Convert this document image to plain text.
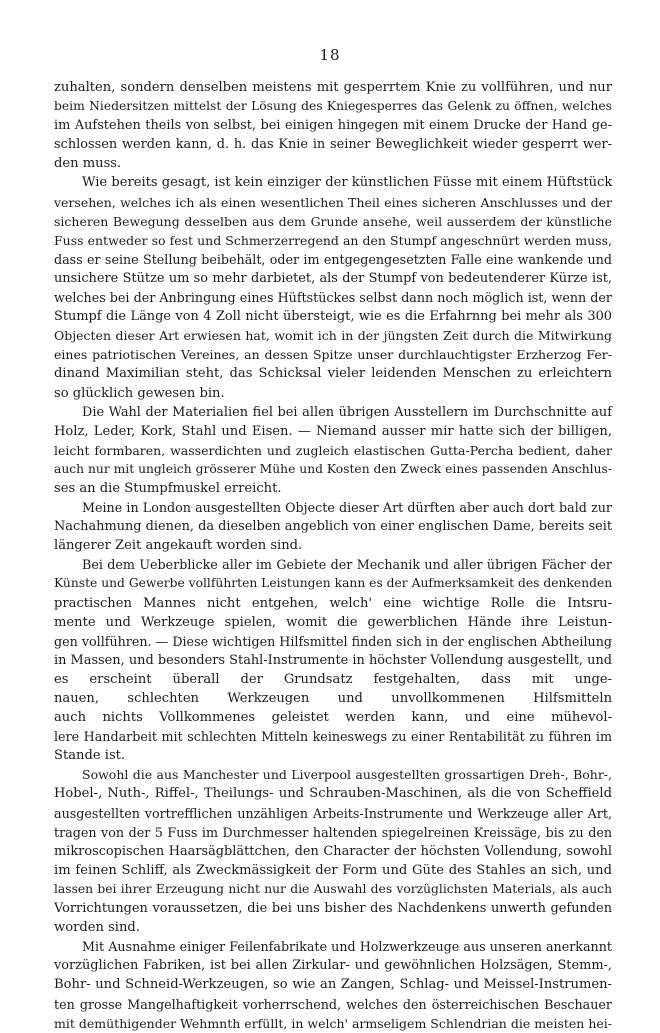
18
zuhalten, sondern denselben meistens mit gesperrtem Knie zu vollführen, und nur
beim Niedersitzen mittelst der Lösung des Kniegesperres das Gelenk zu öffnen, welches
im Aufstehen theils von selbst, bei einigen hingegen mit einem Drucke der Hand ge-
schlossen werden kann, d. h. das Knie in seiner Beweglichkeit wieder gesperrt wer-
den muss.
Wie bereits gesagt, ist kein einziger der künstlichen Füsse mit einem Hüftstück
versehen, welches ich als einen wesentlichen Theil eines sicheren Anschlusses und der
sicheren Bewegung desselben aus dem Grunde ansehe, weil ausserdem der künstliche
Fuss entweder so fest und Schmerzerregend an den Stumpf angeschnürt werden muss,
dass er seine Stellung beibehält, oder im entgegengesetzten Falle eine wankende und
unsichere Stütze um so mehr darbietet, als der Stumpf von bedeutenderer Kürze ist,
welches bei der Anbringung eines Hüftstückes selbst dann noch möglich ist, wenn der
Stumpf die Länge von 4 Zoll nicht übersteigt, wie es die Erfahrnng bei mehr als 300
Objecten dieser Art erwiesen hat, womit ich in der jüngsten Zeit durch die Mitwirkung
eines patriotischen Vereines, an dessen Spitze unser durchlauchtigster Erzherzog Fer-
dinand Maximilian steht, das Schicksal vieler leidenden Menschen zu erleichtern
so glücklich gewesen bin.
Die Wahl der Materialien fiel bei allen übrigen Ausstellern im Durchschnitte auf
Holz, Leder, Kork, Stahl und Eisen. — Niemand ausser mir hatte sich der billigen,
leicht formbaren, wasserdichten und zugleich elastischen Gutta-Percha bedient, daher
auch nur mit ungleich grösserer Mühe und Kosten den Zweck eines passenden Anschlus-
ses an die Stumpfmuskel erreicht.
Meine in London ausgestellten Objecte dieser Art dürften aber auch dort bald zur
Nachahmung dienen, da dieselben angeblich von einer englischen Dame, bereits seit
längerer Zeit angekauft worden sind.
Bei dem Ueberblicke aller im Gebiete der Mechanik und aller übrigen Fächer der
Künste und Gewerbe vollführten Leistungen kann es der Aufmerksamkeit des denkenden
practischen Mannes nicht entgehen, welch' eine wichtige Rolle die Intsru-
mente und Werkzeuge spielen, womit die gewerblichen Hände ihre Leistun-
gen vollführen. — Diese wichtigen Hilfsmittel finden sich in der englischen Abtheilung
in Massen, und besonders Stahl-Instrumente in höchster Vollendung ausgestellt, und
es erscheint überall der Grundsatz festgehalten, dass mit unge-
nauen, schlechten Werkzeugen und unvollkommenen Hilfsmitteln
auch nichts Vollkommenes geleistet werden kann, und eine mühevol-
lere Handarbeit mit schlechten Mitteln keineswegs zu einer Rentabilität zu führen im
Stande ist.
Sowohl die aus Manchester und Liverpool ausgestellten grossartigen Dreh-, Bohr-,
Hobel-, Nuth-, Riffel-, Theilungs- und Schrauben-Maschinen, als die von Scheffield
ausgestellten vortrefflichen unzähligen Arbeits-Instrumente und Werkzeuge aller Art,
tragen von der 5 Fuss im Durchmesser haltenden spiegelreinen Kreissäge, bis zu den
mikroscopischen Haarsägblättchen, den Character der höchsten Vollendung, sowohl
im feinen Schliff, als Zweckmässigkeit der Form und Güte des Stahles an sich, und
lassen bei ihrer Erzeugung nicht nur die Auswahl des vorzüglichsten Materials, als auch
Vorrichtungen voraussetzen, die bei uns bisher des Nachdenkens unwerth gefunden
worden sind.
Mit Ausnahme einiger Feilenfabrikate und Holzwerkzeuge aus unseren anerkannt
vorzüglichen Fabriken, ist bei allen Zirkular- und gewöhnlichen Holzsägen, Stemm-,
Bohr- und Schneid-Werkzeugen, so wie an Zangen, Schlag- und Meissel-Instrumen-
ten grosse Mangelhaftigkeit vorherrschend, welches den österreichischen Beschauer
mit demüthigender Wehmnth erfüllt, in welch' armseligem Schlendrian die meisten hei-
